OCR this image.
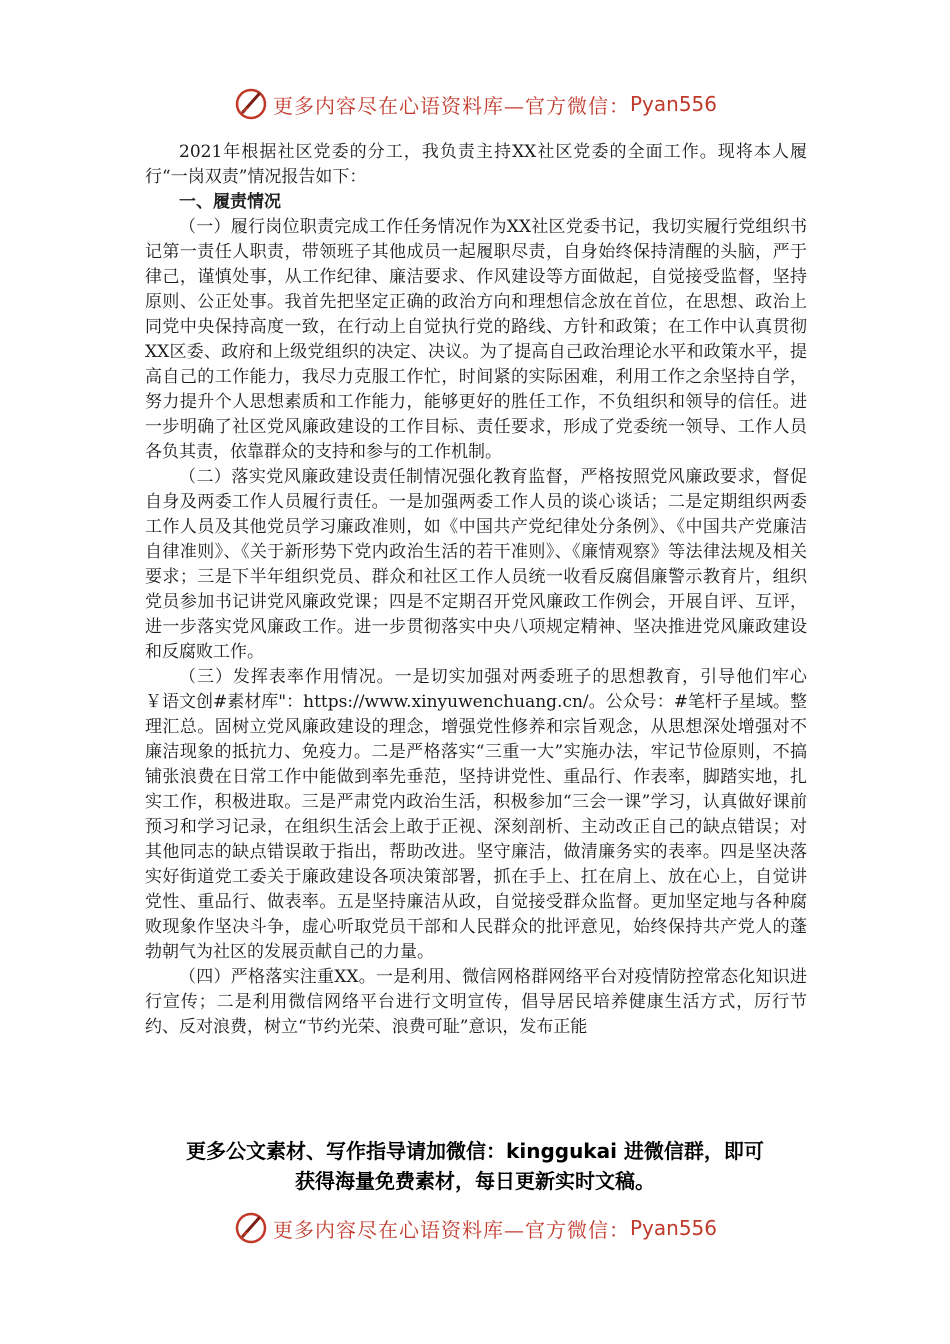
更多内容尽在心语资料库—官方微信： Pyan556

2021年根据社区党委的分工，我负责主持XX社区党委的全面工作。现将本人履行“一岗双责”情况报告如下：

一、履责情况

（一）履行岗位职责完成工作任务情况作为XX社区党委书记，我切实履行党组织书记第一责任人职责，带领班子其他成员一起履职尽责，自身始终保持清醒的头脑，严于律己，谨慎处事，从工作纪律、廉洁要求、作风建设等方面做起，自觉接受监督，坚持原则、公正处事。我首先把坚定正确的政治方向和理想信念放在首位，在思想、政治上同党中央保持高度一致，在行动上自觉执行党的路线、方针和政策；在工作中认真贯彻XX区委、政府和上级党组织的决定、决议。为了提高自己政治理论水平和政策水平，提高自己的工作能力，我尽力克服工作忙，时间紧的实际困难，利用工作之余坚持自学，努力提升个人思想素质和工作能力，能够更好的胜任工作，不负组织和领导的信任。进一步明确了社区党风廉政建设的工作目标、责任要求，形成了党委统一领导、工作人员各负其责，依靠群众的支持和参与的工作机制。

（二）落实党风廉政建设责任制情况强化教育监督，严格按照党风廉政要求，督促自身及两委工作人员履行责任。一是加强两委工作人员的谈心谈话；二是定期组织两委工作人员及其他党员学习廉政准则，如《中国共产党纪律处分条例》、《中国共产党廉洁自律准则》、《关于新形势下党内政治生活的若干准则》、《廉情观察》等法律法规及相关要求；三是下半年组织党员、群众和社区工作人员统一收看反腐倡廉警示教育片，组织党员参加书记讲党风廉政党课；四是不定期召开党风廉政工作例会，开展自评、互评，进一步落实党风廉政工作。进一步贯彻落实中央八项规定精神、坚决推进党风廉政建设和反腐败工作。

（三）发挥表率作用情况。一是切实加强对两委班子的思想教育，引导他们牢心￥语文创#素材库"：https://www.xinyuwenchuang.cn/。公众号：#笔杆子星域。整理汇总。固树立党风廉政建设的理念，增强党性修养和宗旨观念，从思想深处增强对不廉洁现象的抵抗力、免疫力。二是严格落实“三重一大”实施办法，牢记节俭原则，不搞铺张浪费在日常工作中能做到率先垂范，坚持讲党性、重品行、作表率，脚踏实地，扎实工作，积极进取。三是严肃党内政治生活，积极参加“三会一课”学习，认真做好课前预习和学习记录，在组织生活会上敢于正视、深刻剖析、主动改正自己的缺点错误；对其他同志的缺点错误敢于指出，帮助改进。坚守廉洁，做清廉务实的表率。四是坚决落实好街道党工委关于廉政建设各项决策部署，抓在手上、扛在肩上、放在心上，自觉讲党性、重品行、做表率。五是坚持廉洁从政，自觉接受群众监督。更加坚定地与各种腐败现象作坚决斗争，虚心听取党员干部和人民群众的批评意见，始终保持共产党人的蓬勃朝气为社区的发展贡献自己的力量。

（四）严格落实注重XX。一是利用、微信网格群网络平台对疫情防控常态化知识进行宣传；二是利用微信网络平台进行文明宣传，倡导居民培养健康生活方式，厉行节约、反对浪费，树立“节约光荣、浪费可耻”意识，发布正能

更多公文素材、写作指导请加微信：kinggukai 进微信群，即可
获得海量免费素材，每日更新实时文稿。
更多内容尽在心语资料库—官方微信： Pyan556
